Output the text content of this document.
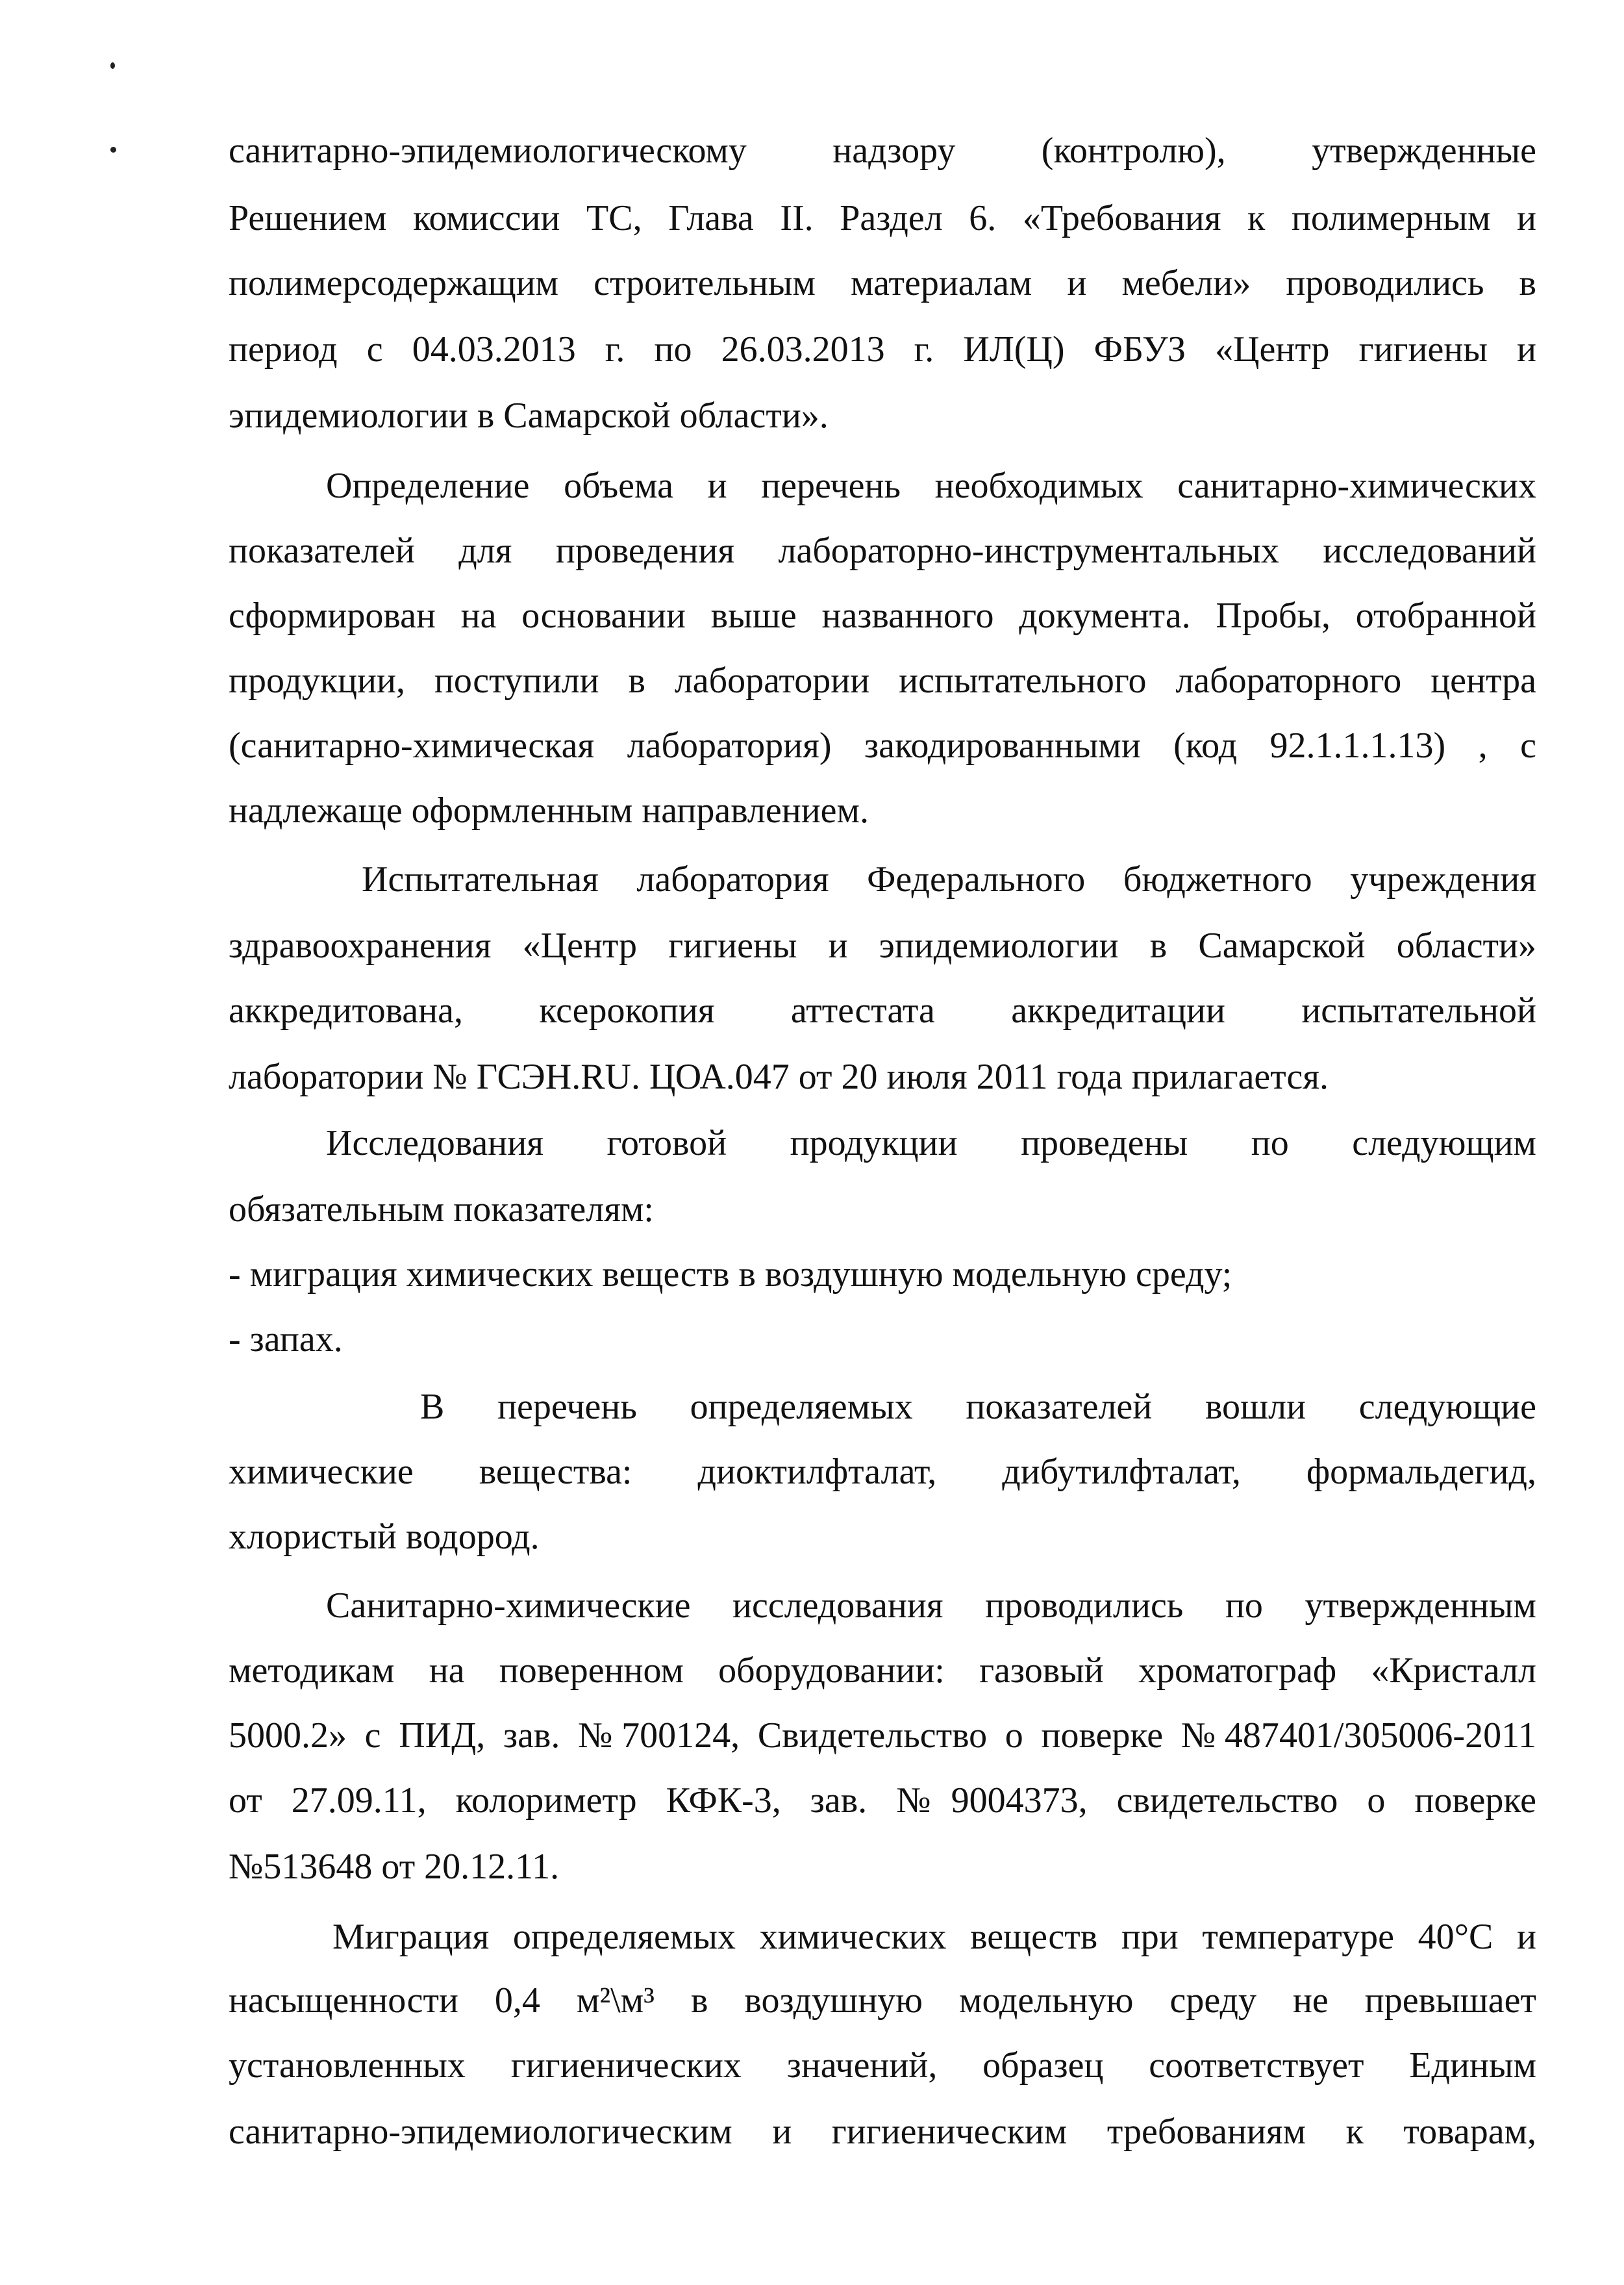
санитарно-эпидемиологическому надзору (контролю), утвержденные
Решением комиссии ТС, Глава II. Раздел 6. «Требования к полимерным и
полимерсодержащим строительным материалам и мебели» проводились в
период с 04.03.2013 г. по 26.03.2013 г. ИЛ(Ц) ФБУЗ «Центр гигиены и
эпидемиологии в Самарской области».
Определение объема и перечень необходимых санитарно-химических
показателей для проведения лабораторно-инструментальных исследований
сформирован на основании выше названного документа. Пробы, отобранной
продукции, поступили в лаборатории испытательного лабораторного центра
(санитарно-химическая лаборатория) закодированными (код 92.1.1.1.13) , с
надлежаще оформленным направлением.
Испытательная лаборатория Федерального бюджетного учреждения
здравоохранения «Центр гигиены и эпидемиологии в Самарской области»
аккредитована, ксерокопия аттестата аккредитации испытательной
лаборатории № ГСЭН.RU. ЦОА.047 от 20 июля 2011 года прилагается.
Исследования готовой продукции проведены по следующим
обязательным показателям:
- миграция химических веществ в воздушную модельную среду;
- запах.
В перечень определяемых показателей вошли следующие
химические вещества: диоктилфталат, дибутилфталат, формальдегид,
хлористый водород.
Санитарно-химические исследования проводились по утвержденным
методикам на поверенном оборудовании: газовый хроматограф «Кристалл
5000.2» с ПИД, зав. №700124, Свидетельство о поверке №487401/305006-2011
от 27.09.11, колориметр КФК-3, зав. №9004373, свидетельство о поверке
№513648 от 20.12.11.
Миграция определяемых химических веществ при температуре 40°С и
насыщенности 0,4 м²\м³ в воздушную модельную среду не превышает
установленных гигиенических значений, образец соответствует Единым
санитарно-эпидемиологическим и гигиеническим требованиям к товарам,
